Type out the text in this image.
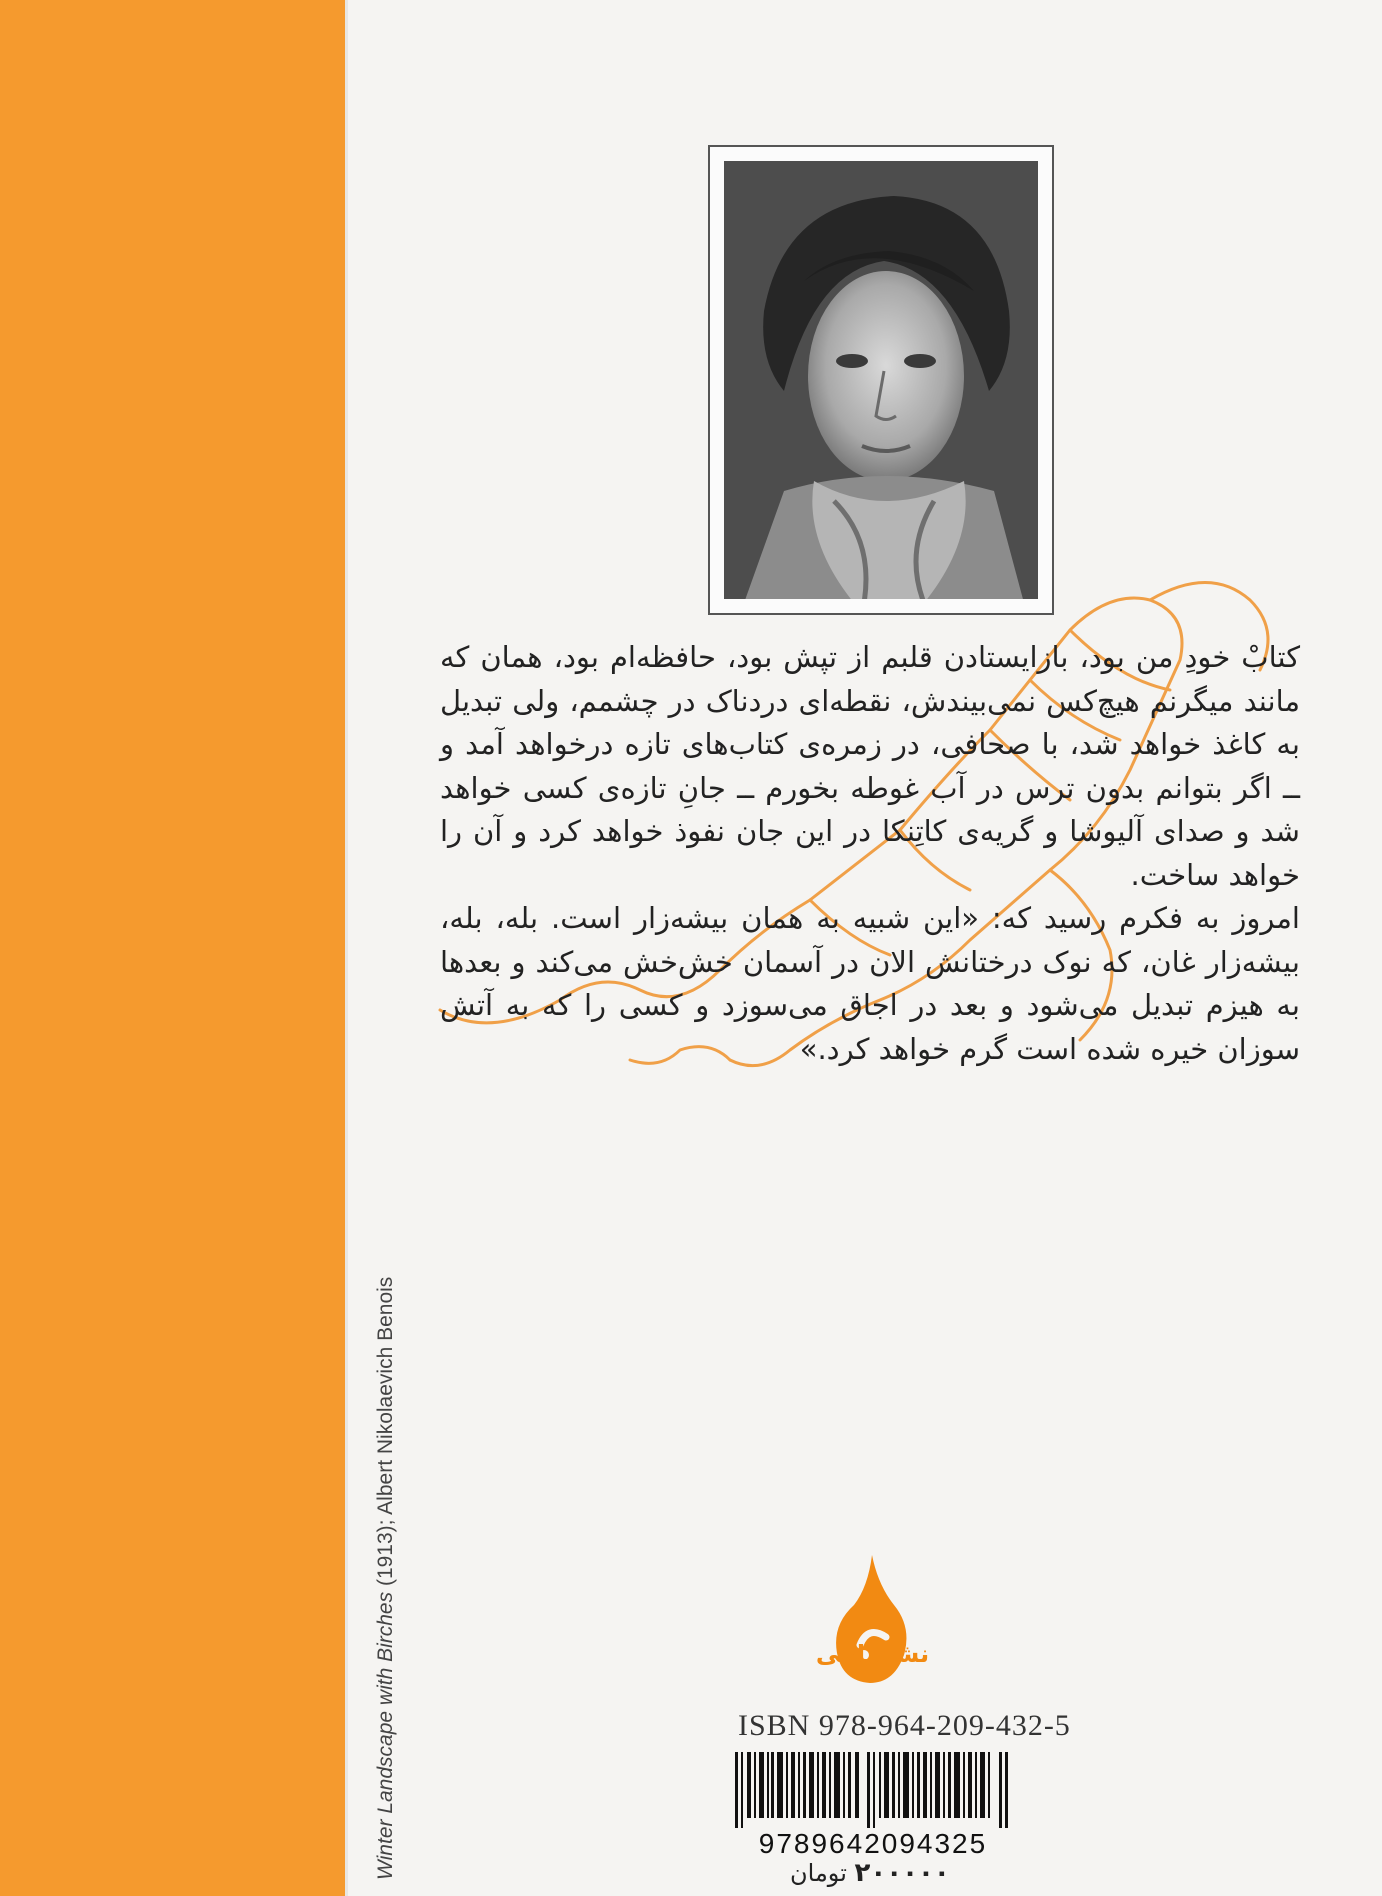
Winter Landscape with Birches (1913); Albert Nikolaevich Benois

کتابْ خودِ من بود، بازایستادن قلبم از تپش بود، حافظه‌ام بود، همان که مانند میگرنم هیچ‌کس نمی‌بیندش، نقطه‌ای دردناک در چشمم، ولی تبدیل به کاغذ خواهد شد، با صحافی، در زمره‌ی کتاب‌های تازه درخواهد آمد و ــ اگر بتوانم بدون ترس در آب غوطه بخورم ــ جانِ تازه‌ی کسی خواهد شد و صدای آلیوشا و گریه‌ی کاتِنکا در این جان نفوذ خواهد کرد و آن را خواهد ساخت.

امروز به فکرم رسید که: «این شبیه به همان بیشه‌زار است. بله، بله، بیشه‌زار غان، که نوک درختانش الان در آسمان خش‌خش می‌کند و بعدها به هیزم تبدیل می‌شود و بعد در اجاق می‌سوزد و کسی را که به آتش سوزان خیره شده است گرم خواهد کرد.»

نشرماهی
ISBN 978-964-209-432-5
9789642094325
۲۰۰۰۰۰ تومان
